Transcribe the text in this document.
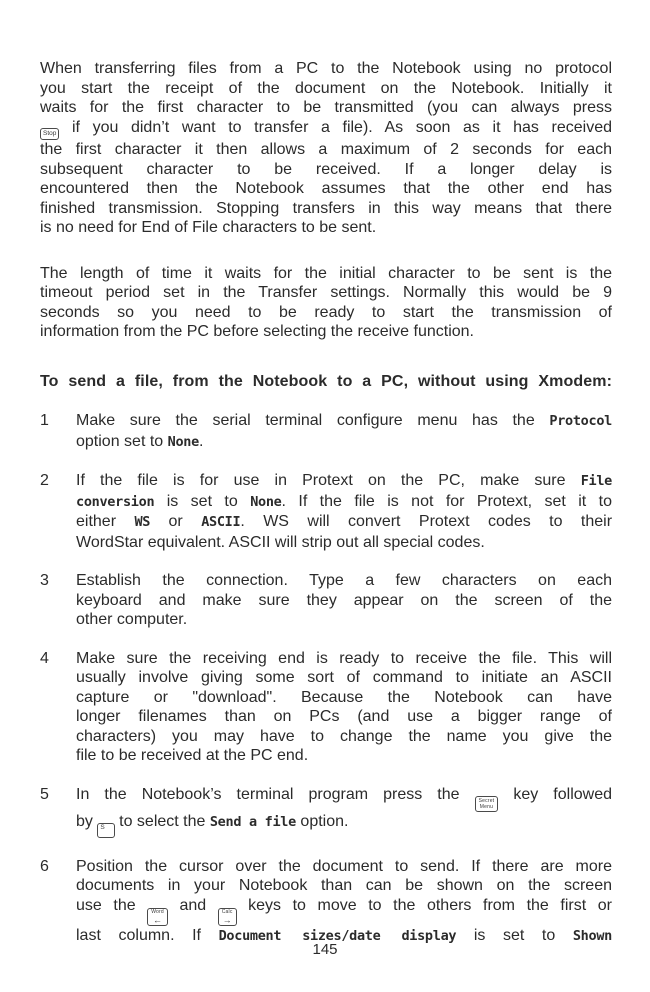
When transferring files from a PC to the Notebook using no protocol
you start the receipt of the document on the Notebook. Initially it
waits for the first character to be transmitted (you can always press
Stop if you didn’t want to transfer a file). As soon as it has received
the first character it then allows a maximum of 2 seconds for each
subsequent character to be received. If a longer delay is
encountered then the Notebook assumes that the other end has
finished transmission. Stopping transfers in this way means that there
is no need for End of File characters to be sent.
The length of time it waits for the initial character to be sent is the
timeout period set in the Transfer settings. Normally this would be 9
seconds so you need to be ready to start the transmission of
information from the PC before selecting the receive function.
To send a file, from the Notebook to a PC, without using Xmodem:
1	Make sure the serial terminal configure menu has the Protocol
option set to None.
2	If the file is for use in Protext on the PC, make sure File
conversion is set to None. If the file is not for Protext, set it to
either WS or ASCII. WS will convert Protext codes to their
WordStar equivalent. ASCII will strip out all special codes.
3	Establish the connection. Type a few characters on each
keyboard and make sure they appear on the screen of the
other computer.
4	Make sure the receiving end is ready to receive the file. This will
usually involve giving some sort of command to initiate an ASCII
capture or "download". Because the Notebook can have
longer filenames than on PCs (and use a bigger range of
characters) you may have to change the name you give the
file to be received at the PC end.
5	In the Notebook’s terminal program press the Secret
Menu
key followed
by S to select the Send a file option.
6	Position the cursor over the document to send. If there are more
documents in your Notebook than can be shown on the screen
use the Word
←
and Calc
→
keys to move to the others from the first or
last column. If Document sizes/date display is set to Shown
145
